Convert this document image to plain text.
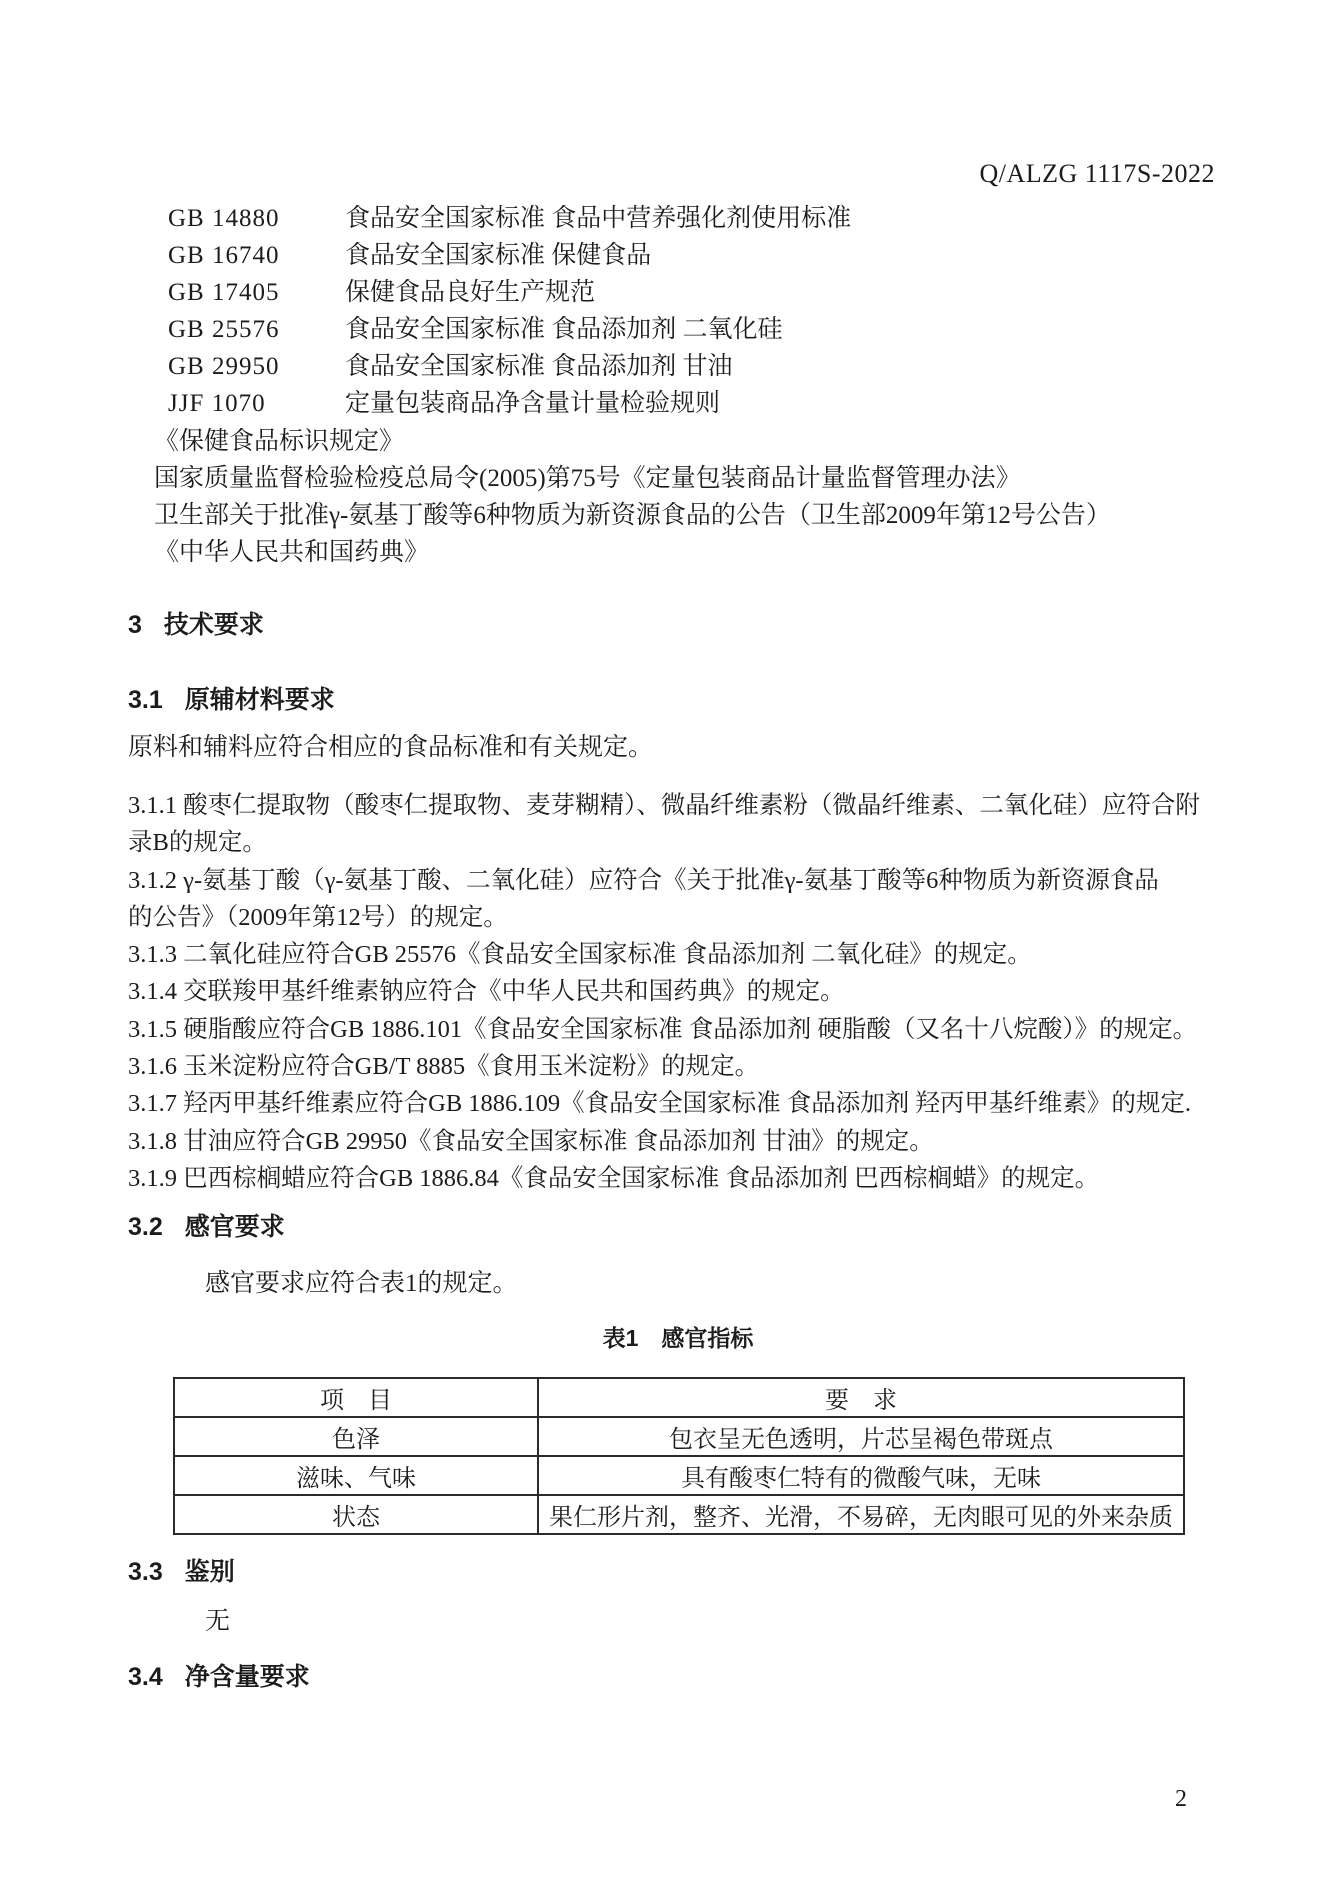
Q/ALZG 1117S-2022
GB 14880	食品安全国家标准 食品中营养强化剂使用标准
GB 16740	食品安全国家标准 保健食品
GB 17405	保健食品良好生产规范
GB 25576	食品安全国家标准 食品添加剂 二氧化硅
GB 29950	食品安全国家标准 食品添加剂 甘油
JJF 1070	定量包装商品净含量计量检验规则
《保健食品标识规定》
国家质量监督检验检疫总局令(2005)第75号《定量包装商品计量监督管理办法》
卫生部关于批准γ-氨基丁酸等6种物质为新资源食品的公告（卫生部2009年第12号公告）
《中华人民共和国药典》
3 技术要求
3.1 原辅材料要求
原料和辅料应符合相应的食品标准和有关规定。
3.1.1 酸枣仁提取物（酸枣仁提取物、麦芽糊精）、微晶纤维素粉（微晶纤维素、二氧化硅）应符合附
录B的规定。
3.1.2 γ-氨基丁酸（γ-氨基丁酸、二氧化硅）应符合《关于批准γ-氨基丁酸等6种物质为新资源食品
的公告》（2009年第12号）的规定。
3.1.3 二氧化硅应符合GB 25576《食品安全国家标准 食品添加剂 二氧化硅》的规定。
3.1.4 交联羧甲基纤维素钠应符合《中华人民共和国药典》的规定。
3.1.5 硬脂酸应符合GB 1886.101《食品安全国家标准 食品添加剂 硬脂酸（又名十八烷酸）》的规定。
3.1.6 玉米淀粉应符合GB/T 8885《食用玉米淀粉》的规定。
3.1.7 羟丙甲基纤维素应符合GB 1886.109《食品安全国家标准 食品添加剂 羟丙甲基纤维素》的规定.
3.1.8 甘油应符合GB 29950《食品安全国家标准 食品添加剂 甘油》的规定。
3.1.9 巴西棕榈蜡应符合GB 1886.84《食品安全国家标准 食品添加剂 巴西棕榈蜡》的规定。
3.2 感官要求
感官要求应符合表1的规定。
表1　感官指标
项　目	要　求
色泽	包衣呈无色透明，片芯呈褐色带斑点
滋味、气味	具有酸枣仁特有的微酸气味，无味
状态	果仁形片剂，整齐、光滑，不易碎，无肉眼可见的外来杂质
3.3 鉴别
无
3.4 净含量要求
2
